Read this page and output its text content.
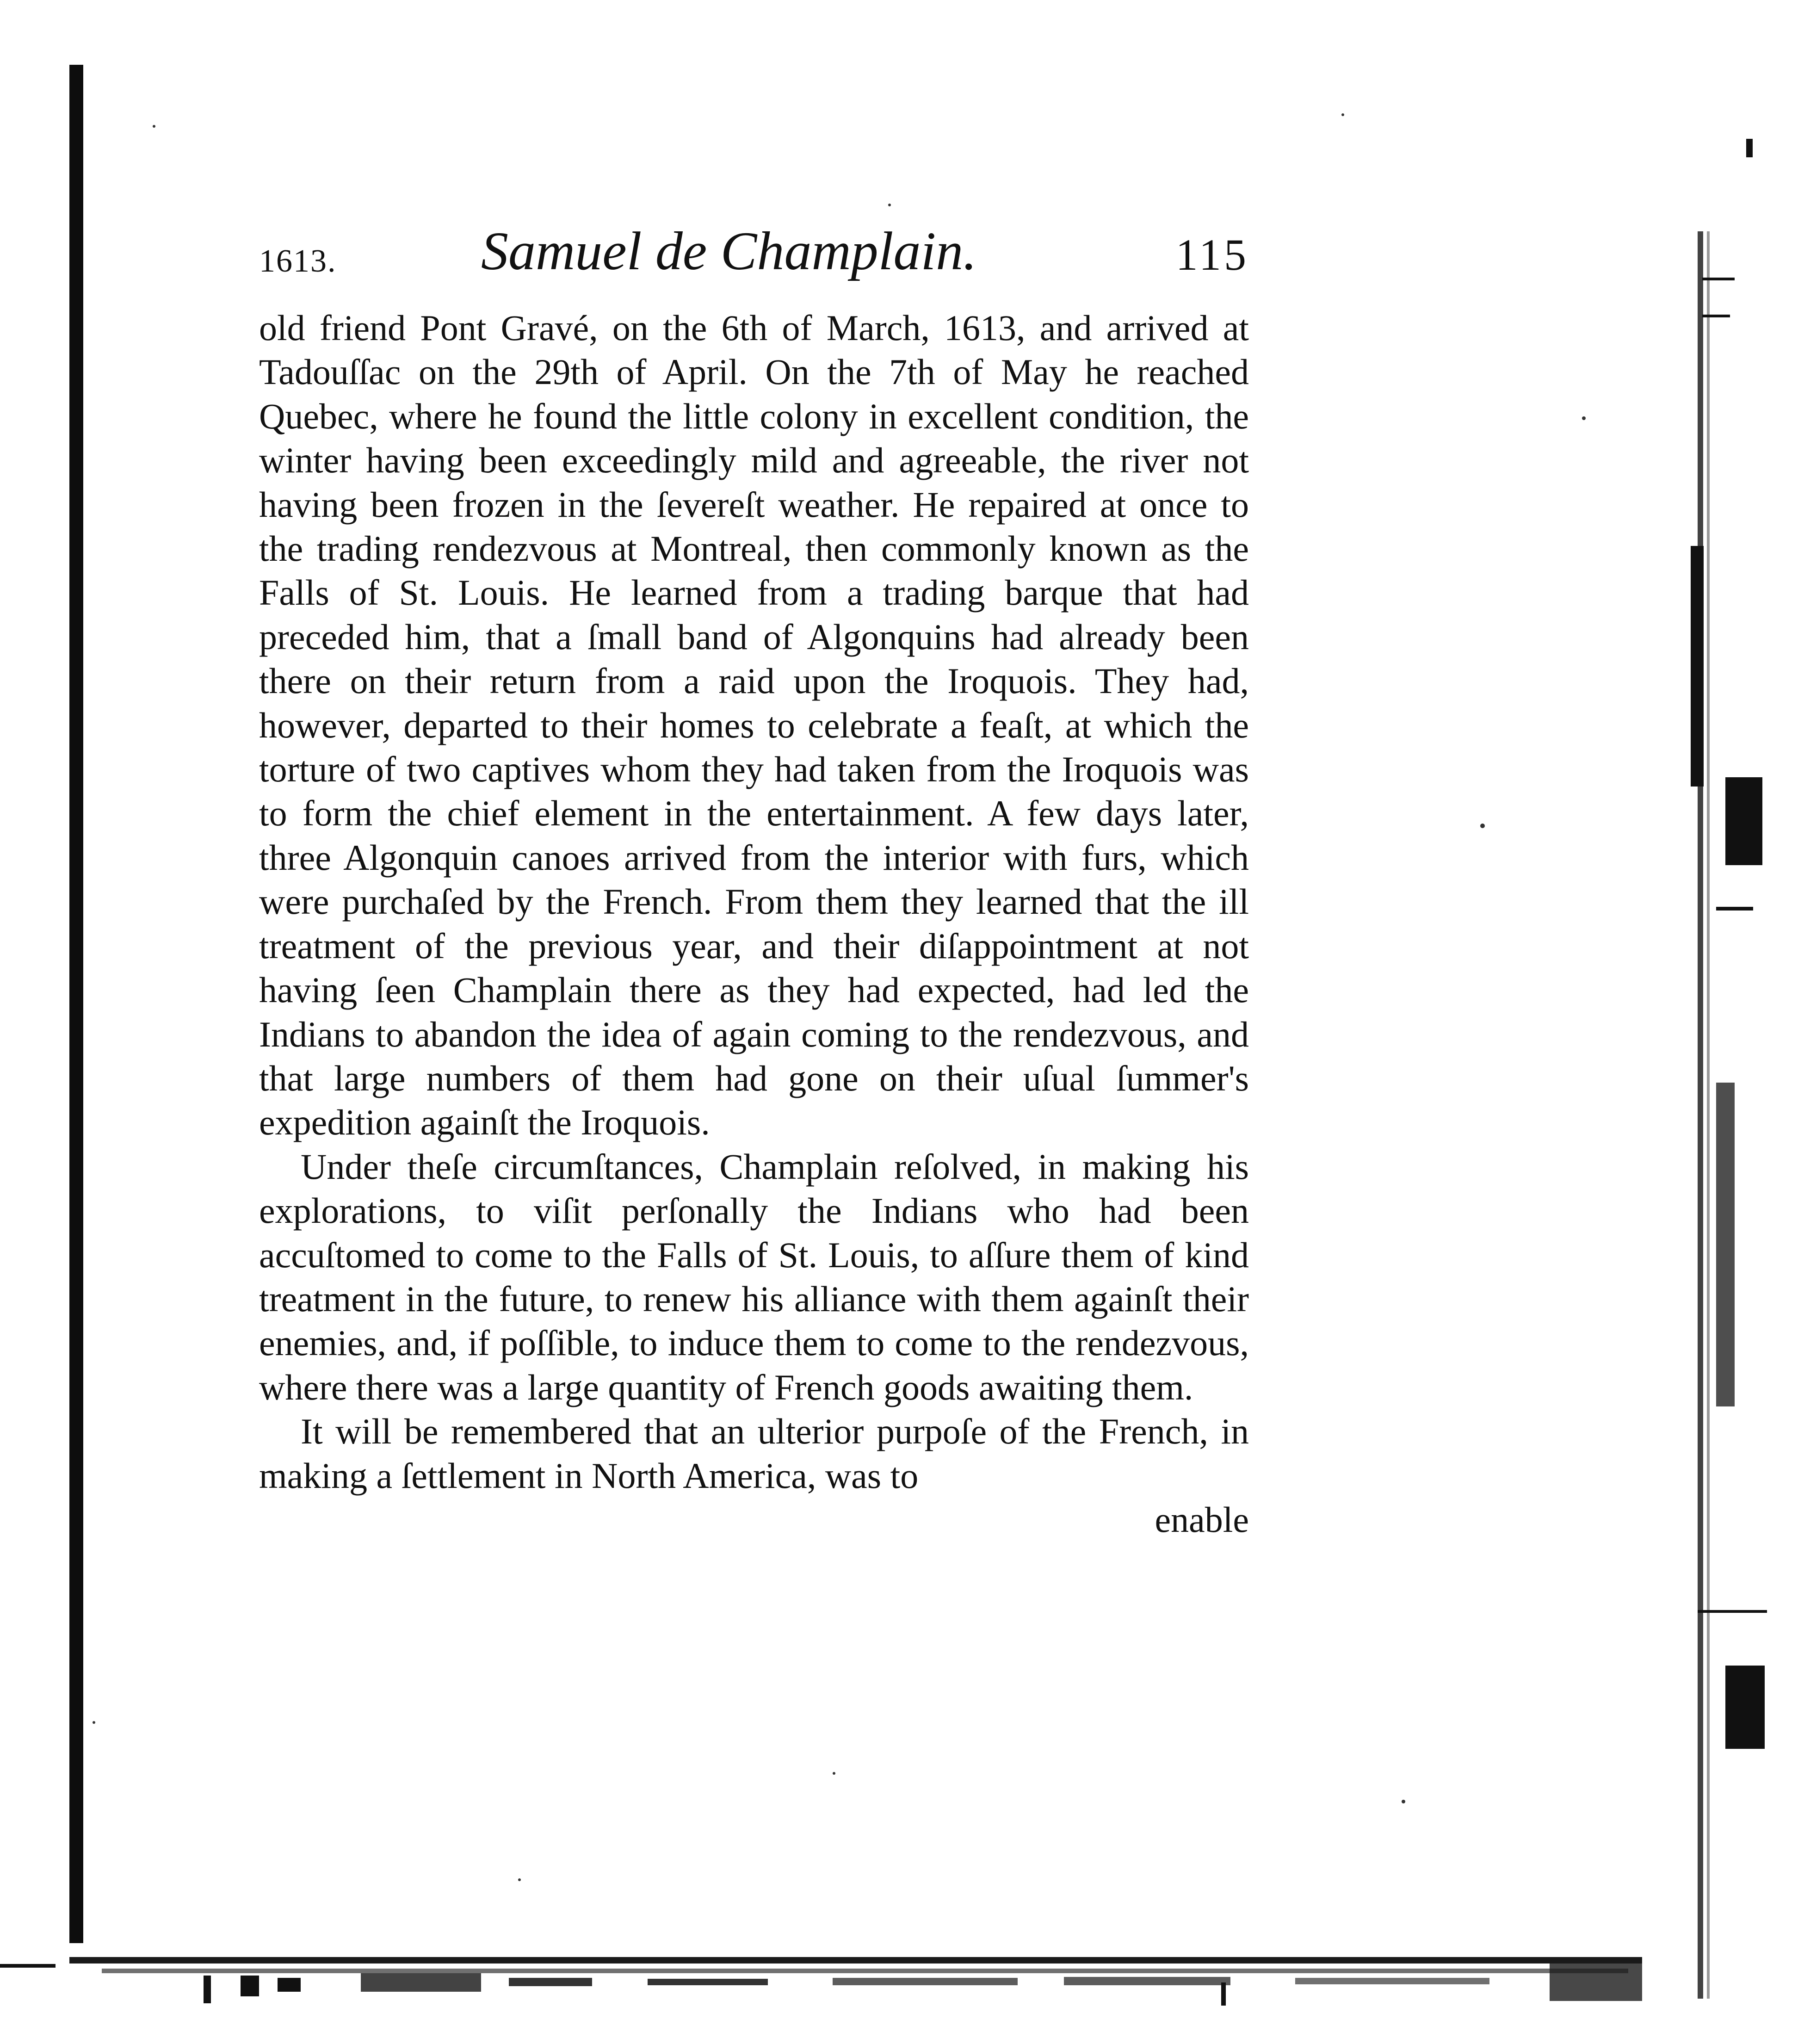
1613.	Samuel de Champlain.	115

old friend Pont Gravé, on the 6th of March, 1613, and arrived at Tadouſſac on the 29th of April. On the 7th of May he reached Quebec, where he found the little colony in excellent condition, the winter having been exceedingly mild and agreeable, the river not having been frozen in the ſevereſt weather. He repaired at once to the trading rendezvous at Montreal, then commonly known as the Falls of St. Louis. He learned from a trading barque that had preceded him, that a ſmall band of Algonquins had already been there on their return from a raid upon the Iroquois. They had, however, departed to their homes to celebrate a feaſt, at which the torture of two captives whom they had taken from the Iroquois was to form the chief element in the entertainment. A few days later, three Algonquin canoes arrived from the interior with furs, which were purchaſed by the French. From them they learned that the ill treatment of the previous year, and their diſappointment at not having ſeen Champlain there as they had expected, had led the Indians to abandon the idea of again coming to the rendezvous, and that large numbers of them had gone on their uſual ſummer's expedition againſt the Iroquois.

Under theſe circumſtances, Champlain reſolved, in making his explorations, to viſit perſonally the Indians who had been accuſtomed to come to the Falls of St. Louis, to aſſure them of kind treatment in the future, to renew his alliance with them againſt their enemies, and, if poſſible, to induce them to come to the rendezvous, where there was a large quantity of French goods awaiting them.

It will be remembered that an ulterior purpoſe of the French, in making a ſettlement in North America, was to

enable
